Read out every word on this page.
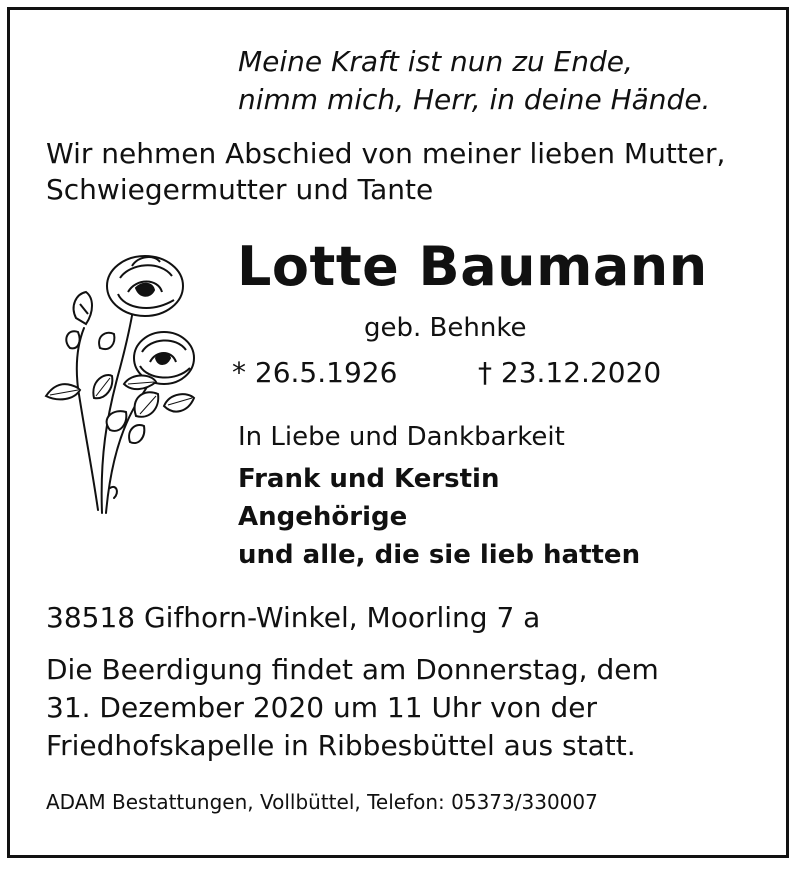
Meine Kraft ist nun zu Ende,
nimm mich, Herr, in deine Hände.
Wir nehmen Abschied von meiner lieben Mutter,
Schwiegermutter und Tante
Lotte Baumann
geb. Behnke
* 26.5.1926	† 23.12.2020
In Liebe und Dankbarkeit
Frank und Kerstin
Angehörige
und alle, die sie lieb hatten
38518 Gifhorn-Winkel, Moorling 7 a
Die Beerdigung findet am Donnerstag, dem
31. Dezember 2020 um 11 Uhr von der
Friedhofskapelle in Ribbesbüttel aus statt.
ADAM Bestattungen, Vollbüttel, Telefon: 05373/330007
